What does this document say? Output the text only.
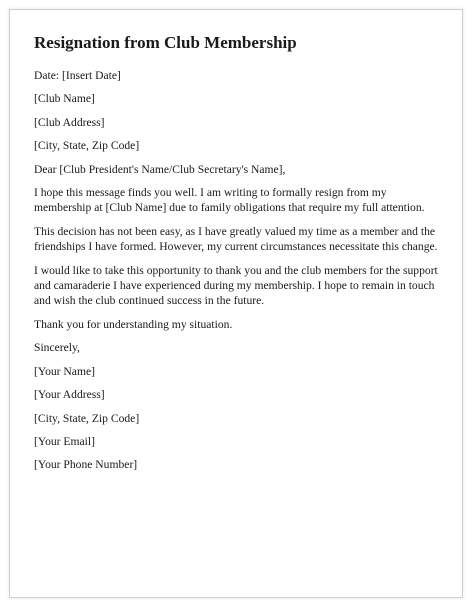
Resignation from Club Membership
Date: [Insert Date]
[Club Name]
[Club Address]
[City, State, Zip Code]
Dear [Club President's Name/Club Secretary's Name],
I hope this message finds you well. I am writing to formally resign from my membership at [Club Name] due to family obligations that require my full attention.
This decision has not been easy, as I have greatly valued my time as a member and the friendships I have formed. However, my current circumstances necessitate this change.
I would like to take this opportunity to thank you and the club members for the support and camaraderie I have experienced during my membership. I hope to remain in touch and wish the club continued success in the future.
Thank you for understanding my situation.
Sincerely,
[Your Name]
[Your Address]
[City, State, Zip Code]
[Your Email]
[Your Phone Number]
